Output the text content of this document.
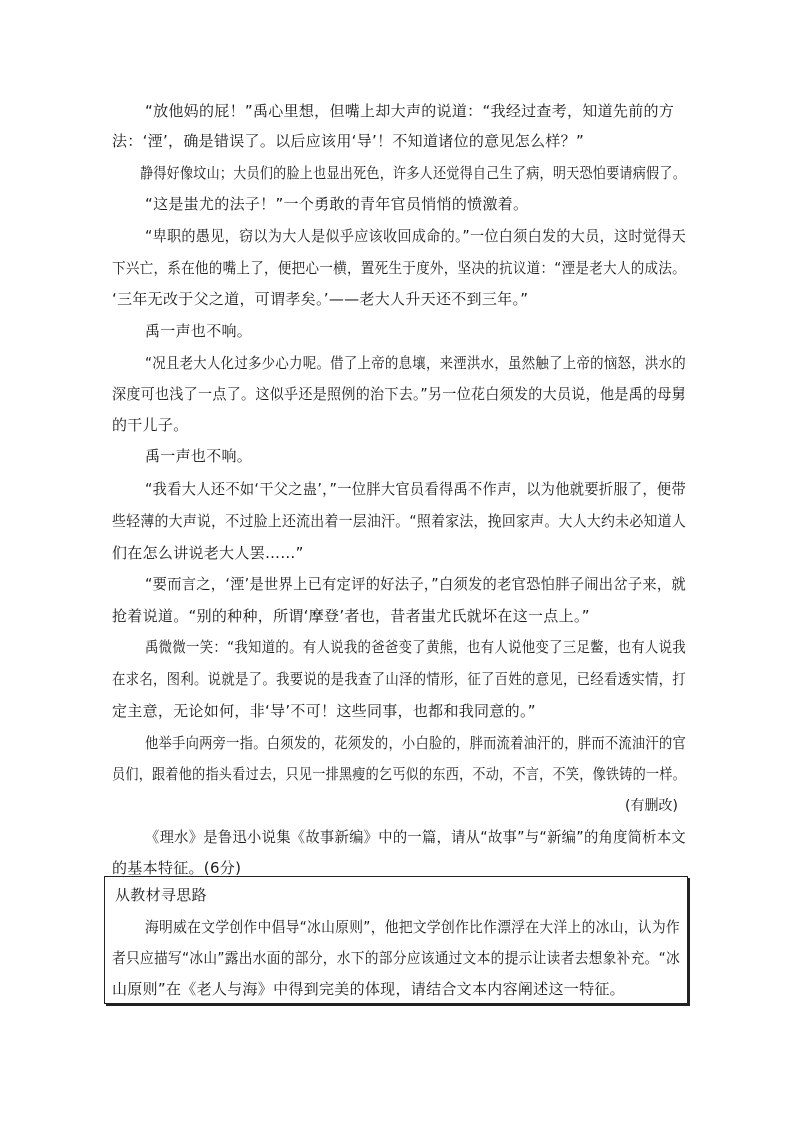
“放他妈的屁！”禹心里想，但嘴上却大声的说道：“我经过查考，知道先前的方
法：‘湮’，确是错误了。以后应该用‘导’！不知道诸位的意见怎么样？”
静得好像坟山；大员们的脸上也显出死色，许多人还觉得自己生了病，明天恐怕要请病假了。
“这是蚩尤的法子！”一个勇敢的青年官员悄悄的愤激着。
“卑职的愚见，窃以为大人是似乎应该收回成命的。”一位白须白发的大员，这时觉得天
下兴亡，系在他的嘴上了，便把心一横，置死生于度外，坚决的抗议道：“湮是老大人的成法。
‘三年无改于父之道，可谓孝矣。’——老大人升天还不到三年。”
禹一声也不响。
“况且老大人化过多少心力呢。借了上帝的息壤，来湮洪水，虽然触了上帝的恼怒，洪水的
深度可也浅了一点了。这似乎还是照例的治下去。”另一位花白须发的大员说，他是禹的母舅
的干儿子。
禹一声也不响。
“我看大人还不如‘干父之蛊’，”一位胖大官员看得禹不作声，以为他就要折服了，便带
些轻薄的大声说，不过脸上还流出着一层油汗。“照着家法，挽回家声。大人大约未必知道人
们在怎么讲说老大人罢……”
“要而言之，‘湮’是世界上已有定评的好法子，”白须发的老官恐怕胖子闹出岔子来，就
抢着说道。“别的种种，所谓‘摩登’者也，昔者蚩尤氏就坏在这一点上。”
禹微微一笑：“我知道的。有人说我的爸爸变了黄熊，也有人说他变了三足鳖，也有人说我
在求名，图利。说就是了。我要说的是我查了山泽的情形，征了百姓的意见，已经看透实情，打
定主意，无论如何，非‘导’不可！这些同事，也都和我同意的。”
他举手向两旁一指。白须发的，花须发的，小白脸的，胖而流着油汗的，胖而不流油汗的官
员们，跟着他的指头看过去，只见一排黑瘦的乞丐似的东西，不动，不言，不笑，像铁铸的一样。
(有删改)
《理水》是鲁迅小说集《故事新编》中的一篇，请从“故事”与“新编”的角度简析本文
的基本特征。(6分)
从教材寻思路
海明威在文学创作中倡导“冰山原则”，他把文学创作比作漂浮在大洋上的冰山，认为作
者只应描写“冰山”露出水面的部分，水下的部分应该通过文本的提示让读者去想象补充。“冰
山原则”在《老人与海》中得到完美的体现，请结合文本内容阐述这一特征。
